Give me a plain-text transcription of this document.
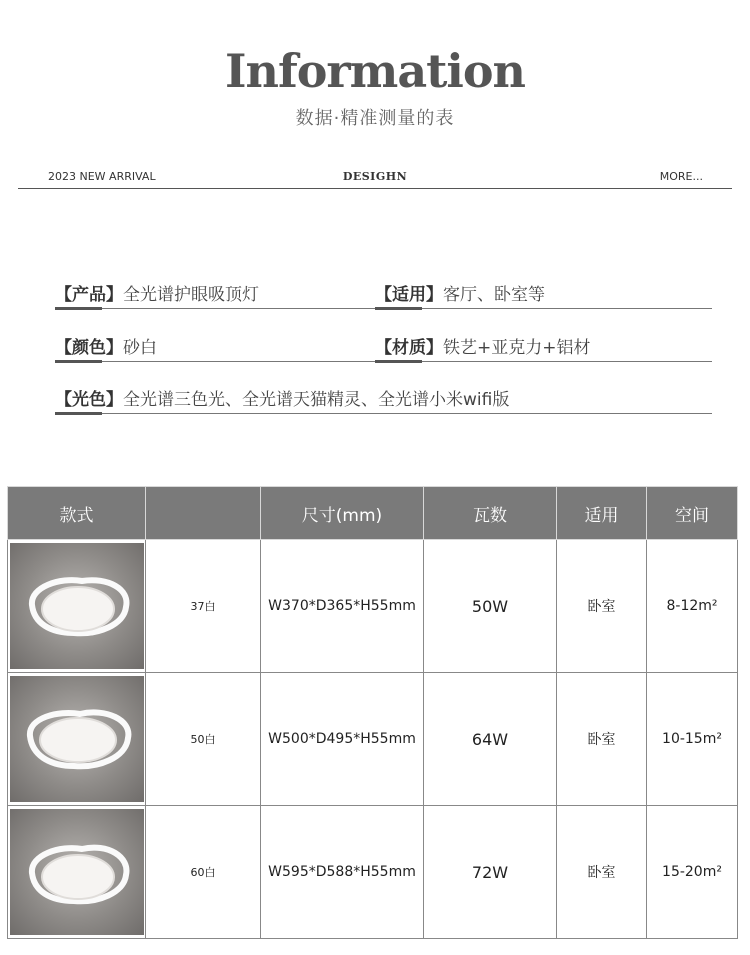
Information
数据·精准测量的表
2023 NEW ARRIVAL	DESIGHN	MORE...
【产品】全光谱护眼吸顶灯	【适用】客厅、卧室等
【颜色】砂白	【材质】铁艺+亚克力+铝材
【光色】全光谱三色光、全光谱天猫精灵、全光谱小米wifi版
款式		尺寸(mm)	瓦数	适用	空间

	37白	W370*D365*H55mm	50W	卧室	8-12m²

	50白	W500*D495*H55mm	64W	卧室	10-15m²

	60白	W595*D588*H55mm	72W	卧室	15-20m²
